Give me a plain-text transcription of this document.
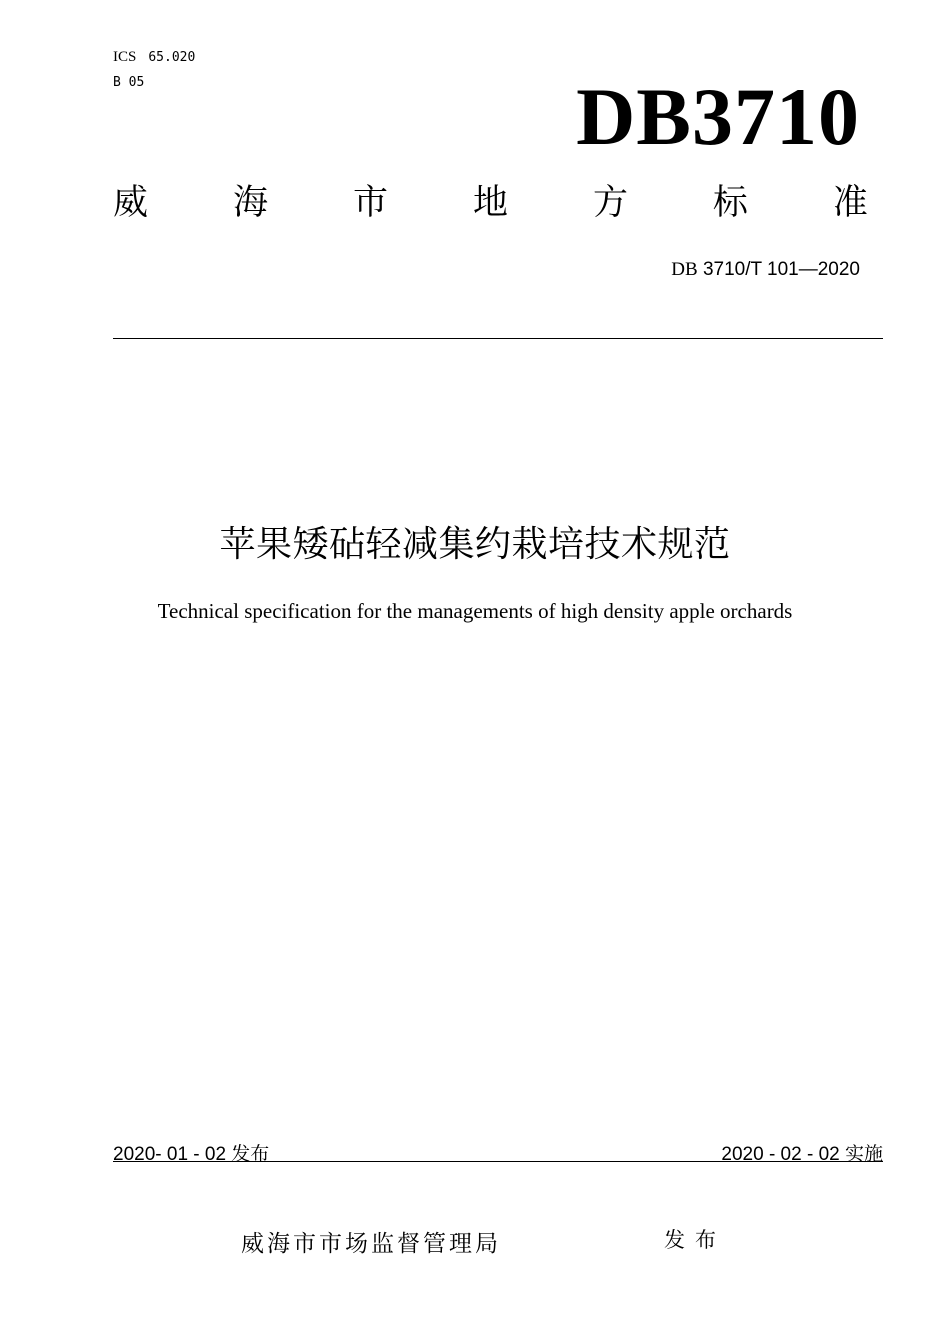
ICS 65.020
B 05	DB3710
威 海 市 地 方 标 准
DB 3710/T 101—2020
苹果矮砧轻减集约栽培技术规范
Technical specification for the managements of high density apple orchards
2020- 01 - 02 发布	2020 - 02 - 02 实施
威海市市场监督管理局	发布
